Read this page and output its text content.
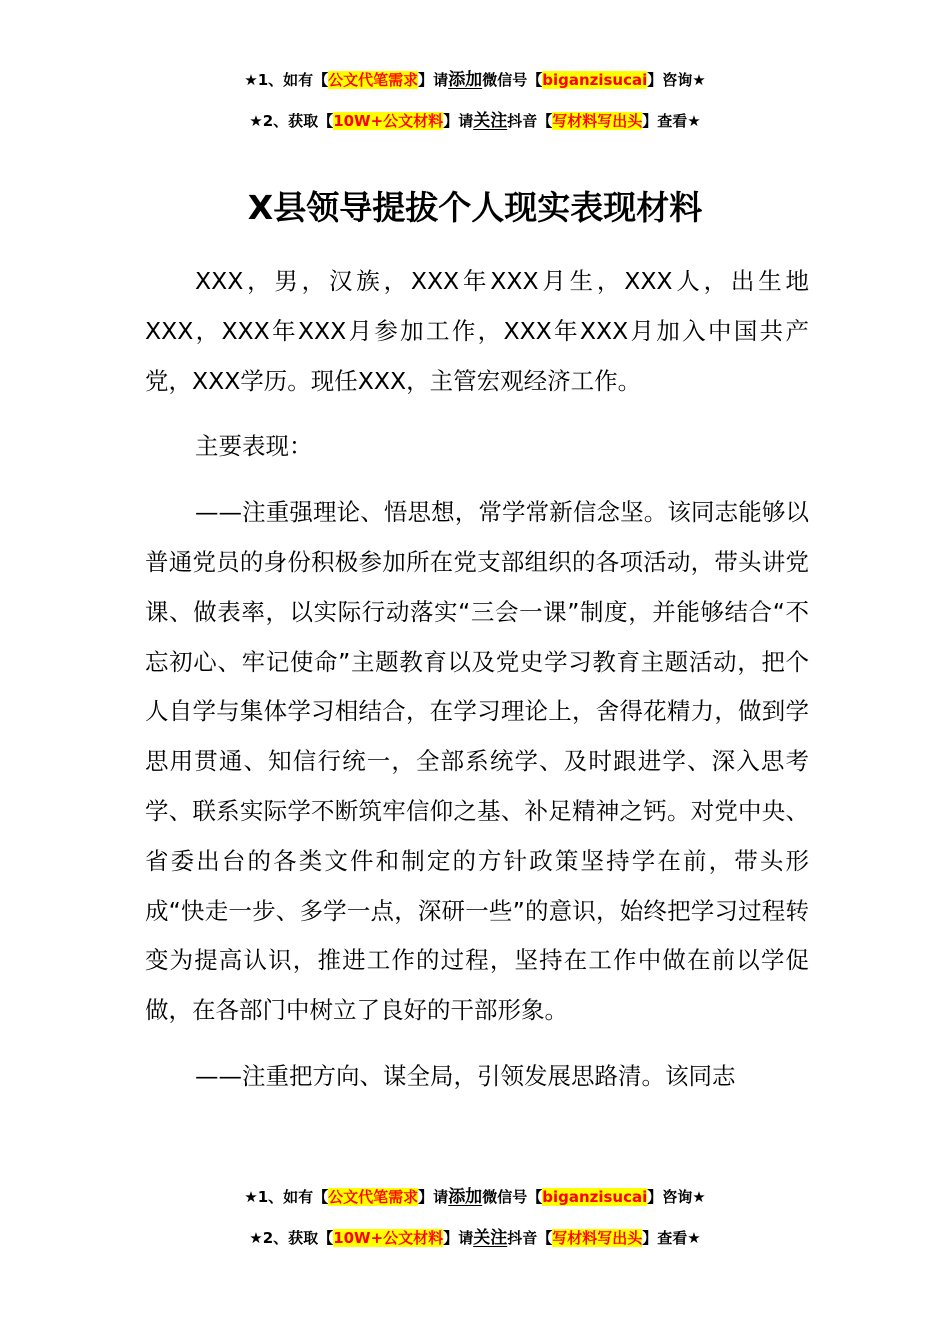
★1、如有【公文代笔需求】请添加微信号【biganzisucai】咨询★
★2、获取【10W+公文材料】请关注抖音【写材料写出头】查看★
X县领导提拔个人现实表现材料

XXX，男，汉族，XXX年XXX月生，XXX人，出生地XXX，XXX年XXX月参加工作，XXX年XXX月加入中国共产党，XXX学历。现任XXX，主管宏观经济工作。

主要表现：

——注重强理论、悟思想，常学常新信念坚。该同志能够以普通党员的身份积极参加所在党支部组织的各项活动，带头讲党课、做表率，以实际行动落实“三会一课”制度，并能够结合“不忘初心、牢记使命”主题教育以及党史学习教育主题活动，把个人自学与集体学习相结合，在学习理论上，舍得花精力，做到学思用贯通、知信行统一，全部系统学、及时跟进学、深入思考学、联系实际学不断筑牢信仰之基、补足精神之钙。对党中央、省委出台的各类文件和制定的方针政策坚持学在前，带头形成“快走一步、多学一点，深研一些”的意识，始终把学习过程转变为提高认识，推进工作的过程，坚持在工作中做在前以学促做，在各部门中树立了良好的干部形象。

——注重把方向、谋全局，引领发展思路清。该同志

★1、如有【公文代笔需求】请添加微信号【biganzisucai】咨询★
★2、获取【10W+公文材料】请关注抖音【写材料写出头】查看★
